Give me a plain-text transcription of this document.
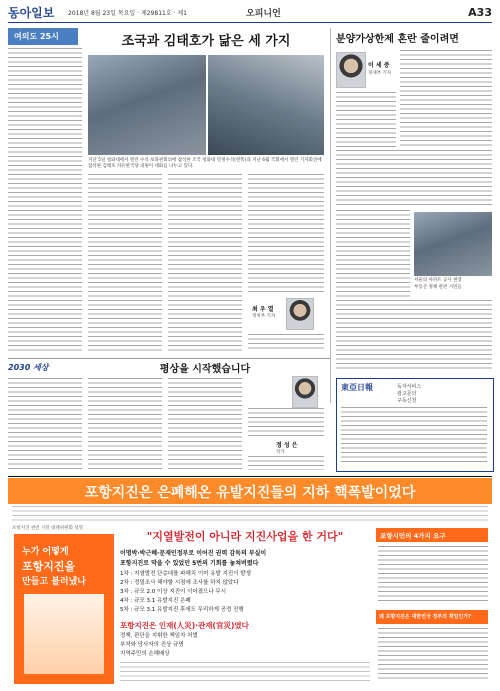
동아일보 2018년 8월 23일 목요일 · 제29811호 · 제1	오피니언	A33
여의도 25시	조국과 김태호가 닮은 세 가지
지난 5일 청와대에서 열린 수석·보좌관회의에 참석한 조국 청와대 민정수석(왼쪽)과 지난 6월 국회에서 열린 기자회견에 참석한 김태호 자유한국당 의원이 대화를 나누고 있다.
최 우 열
정치부 기자
분양가상한제 혼란 줄이려면
이 세 중
경제부 기자
서울의 아파트 공사 현장
부동산 정책 관련 시민들
2030 세상	평상을 시작했습니다
정 성 은
작가
東亞日報	독자서비스
광고문의
구독신청
포항지진은 은폐해온 유발지진들의 지하 핵폭발이었다
포항지진 관련 시민 대책위원회 성명
누가 어떻게
포항지진을
만들고 불러냈나
"지열발전이 아니라 지진사업을 한 거다"
이명박·박근혜·문재인정부로 이어진 권력 감독의 부실이
포항지진로 막을 수 있었던 5번의 기회를 놓쳐버렸다
1차 : 지열발전 단층대를 파헤치 이미 유발 지진이 발생
2차 : 정밀조사 해야할 시점에 조사를 하지 않았다
3차 : 규모 2.0 이상 지진이 이어졌으나 무시
4차 : 규모 3.1 유발지진 은폐
5차 : 규모 3.1 유발지진 후에도 무리하게 공정 진행
포항지진은 인재(人災)·관재(官災)였다
정책, 판단을 지휘한 책임자 처벌
부처와 당사자의 진상 규명
지역주민의 손해배상
포항시민의 4가지 요구
왜 포항지진은 대한민국 정부의 책임인가?
